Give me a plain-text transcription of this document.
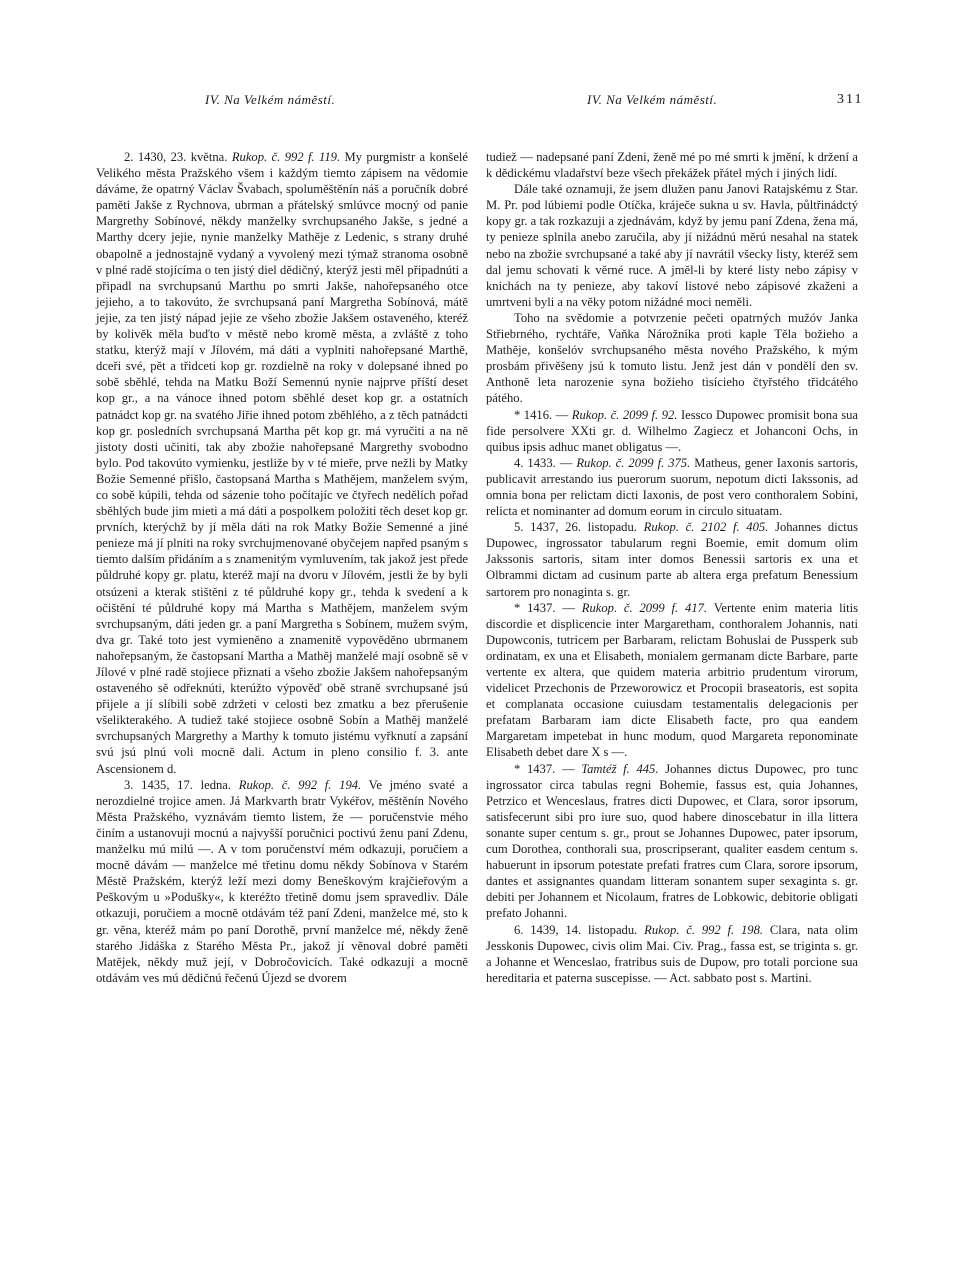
IV. Na Velkém náměstí.	IV. Na Velkém náměstí.	311

2. 1430, 23. května. Rukop. č. 992 f. 119. My purgmistr a konšelé Velikého města Pražského všem i každým tiemto zápisem na vědomie dáváme, že opatrný Václav Švabach, spoluměštěnín náš a poručník dobré paměti Jakše z Rychnova, ubrman a přátelský smlúvce mocný od panie Margrethy Sobínové, někdy manželky svrchupsaného Jakše, s jedné a Marthy dcery jejie, nynie manželky Mathějе z Ledenic, s strany druhé obapolně a jednostajně vydaný a vyvolený mezi týmaž stranoma osobně v plné radě stojícíma o ten jistý diel dědičný, kterýž jesti měl připadnúti a připadl na svrchupsanú Marthu po smrti Jakše, nahořepsaného otce jejieho, a to takovúto, že svrchupsaná paní Margretha Sobínová, mátě jejie, za ten jistý nápad jejie ze všeho zbožie Jakšem ostaveného, kteréž by kolivěk měla buďto v městě nebo kromě města, a zvláště z toho statku, kterýž mají v Jílovém, má dáti a vyplniti nahořepsané Marthě, dceři své, pět a třidceti kop gr. rozdielně na roky v dolepsané ihned po sobě sběhlé, tehda na Matku Boží Semennú nynie najprve příští deset kop gr., a na vánoce ihned potom sběhlé deset kop gr. a ostatních patnádct kop gr. na svatého Jiřie ihned potom zběhlého, a z těch patnádcti kop gr. posledních svrchupsaná Martha pět kop gr. má vyručiti a na ně jistoty dosti učiniti, tak aby zbožie nahořepsané Margrethy svobodno bylo. Pod takovúto vymienku, jestliže by v té mieře, prve nežli by Matky Božie Semenné přišlo, častopsaná Martha s Mathějem, manželem svým, co sobě kúpili, tehda od sázenie toho počítajíc ve čtyřech nedělích pořad sběhlých bude jim mieti a má dáti a pospolkem položiti těch deset kop gr. prvních, kterýchž by jí měla dáti na rok Matky Božie Semenné a jiné penieze má jí plniti na roky svrchujmenované obyčejem napřed psaným s tiemto dalším přidáním a s znamenitým vymluvením, tak jakož jest přede půldruhé kopy gr. platu, kteréž mají na dvoru v Jílovém, jestli že by byli otsúzeni a kterak stištěni z té půldruhé kopy gr., tehda k svedení a k očištění té půldruhé kopy má Martha s Mathějem, manželem svým svrchupsaným, dáti jeden gr. a paní Margretha s Sobínem, mužem svým, dva gr. Také toto jest vymieněno a znamenitě vypověděno ubrmanem nahořepsaným, že častopsaní Martha a Mathěj manželé mají osobně sě v Jílové v plné radě stojiece přiznati a všeho zbožie Jakšem nahořepsaným ostaveného sě odřeknúti, kterúžto výpověď obě straně svrchupsané jsú přijele a jí slíbili sobě zdržeti v celosti bez zmatku a bez přerušenie všelikterakého. A tudiež také stojiece osobně Sobín a Mathěj manželé svrchupsaných Margrethy a Marthy k tomuto jistému vyřknutí a zapsání svú jsú plnú voli mocně dali. Actum in pleno consilio f. 3. ante Ascensionem d.

3. 1435, 17. ledna. Rukop. č. 992 f. 194. Ve jméno svaté a nerozdielné trojice amen. Já Markvarth bratr Vykéřov, měštěnín Nového Města Pražského, vyznávám tiemto listem, že — poručenstvie mého činím a ustanovuji mocnú a najvyšší poručnici poctivú ženu paní Zdenu, manželku mú milú —. A v tom poručenství mém odkazuji, poručiem a mocně dávám — manželce mé třetinu domu někdy Sobínova v Starém Městě Pražském, kterýž leží mezi domy Beneškovým krajčieřovým a Peškovým u »Podušky«, k kteréžto třetině domu jsem spravedliv. Dále otkazuji, poručiem a mocně otdávám též paní Zdeni, manželce mé, sto k gr. věna, kteréž mám po paní Dorothě, první manželce mé, někdy ženě starého Jidáška z Starého Města Pr., jakož jí věnoval dobré paměti Matějek, někdy muž její, v Dobročovicích. Také odkazuji a mocně otdávám ves mú dědičnú řečenú Újezd se dvorem

tudiež — nadepsané paní Zdeni, ženě mé po mé smrti k jmění, k držení a k dědickému vladařství beze všech překážek přátel mých i jiných lidí.

Dále také oznamuji, že jsem dlužen panu Janovi Ratajskému z Star. M. Pr. pod lúbiemi podle Otíčka, kráječe sukna u sv. Havla, půltřinádctý kopy gr. a tak rozkazuji a zjednávám, když by jemu paní Zdena, žena má, ty penieze splnila anebo zaručila, aby jí nižádnú měrú nesahal na statek nebo na zbožie svrchupsané a také aby jí navrátil všecky listy, kteréž sem dal jemu schovati k věrné ruce. A jměl-li by které listy nebo zápisy v knichách na ty penieze, aby takoví listové nebo zápisové zkaženi a umrtveni byli a na věky potom nižádné moci neměli.

Toho na svědomie a potvrzenie pečeti opatrných mužóv Janka Střiebrného, rychtáře, Vaňka Nárožníka proti kaple Těla božieho a Mathěje, konšelóv svrchupsaného města nového Pražského, k mým prosbám přivěšeny jsú k tomuto listu. Jenž jest dán v pondělí den sv. Anthoně leta narozenie syna božieho tisícieho čtyřstého třidcátého pátého.

* 1416. — Rukop. č. 2099 f. 92. Iessco Dupowec promisit bona sua fide persolvere XXti gr. d. Wilhelmo Zagiecz et Johanconi Ochs, in quibus ipsis adhuc manet obligatus —.

4. 1433. — Rukop. č. 2099 f. 375. Matheus, gener Iaxonis sartoris, publicavit arrestando ius puerorum suorum, nepotum dicti Iakssonis, ad omnia bona per relictam dicti Iaxonis, de post vero conthoralem Sobini, relicta et nominanter ad domum eorum in circulo situatam.

5. 1437, 26. listopadu. Rukop. č. 2102 f. 405. Johannes dictus Dupowec, ingrossator tabularum regni Boemie, emit domum olim Jakssonis sartoris, sitam inter domos Benessii sartoris ex una et Olbrammi dictam ad cusinum parte ab altera erga prefatum Benessium sartorem pro nonaginta s. gr.

* 1437. — Rukop. č. 2099 f. 417. Vertente enim materia litis discordie et displicencie inter Margaretham, conthoralem Johannis, nati Dupowconis, tutricem per Barbaram, relictam Bohuslai de Pussperk sub ordinatam, ex una et Elisabeth, monialem germanam dicte Barbare, parte vertente ex altera, que quidem materia arbitrio prudentum virorum, videlicet Przechonis de Przeworowicz et Procopii braseatoris, est sopita et complanata occasione cuiusdam testamentalis delegacionis per prefatam Barbaram iam dicte Elisabeth facte, pro qua eandem Margaretam impetebat in hunc modum, quod Margareta reponominate Elisabeth debet dare X s —.

* 1437. — Tamtéž f. 445. Johannes dictus Dupowec, pro tunc ingrossator circa tabulas regni Bohemie, fassus est, quia Johannes, Petrzico et Wenceslaus, fratres dicti Dupowec, et Clara, soror ipsorum, satisfecerunt sibi pro iure suo, quod habere dinoscebatur in illa littera sonante super centum s. gr., prout se Johannes Dupowec, pater ipsorum, cum Dorothea, conthorali sua, proscripserant, qualiter easdem centum s. habuerunt in ipsorum potestate prefati fratres cum Clara, sorore ipsorum, dantes et assignantes quandam litteram sonantem super sexaginta s. gr. debiti per Johannem et Nicolaum, fratres de Lobkowic, debitorie obligati prefato Johanni.

6. 1439, 14. listopadu. Rukop. č. 992 f. 198. Clara, nata olim Jesskonis Dupowec, civis olim Mai. Civ. Prag., fassa est, se triginta s. gr. a Johanne et Wenceslao, fratribus suis de Dupow, pro totali porcione sua hereditaria et paterna suscepisse. — Act. sabbato post s. Martini.
